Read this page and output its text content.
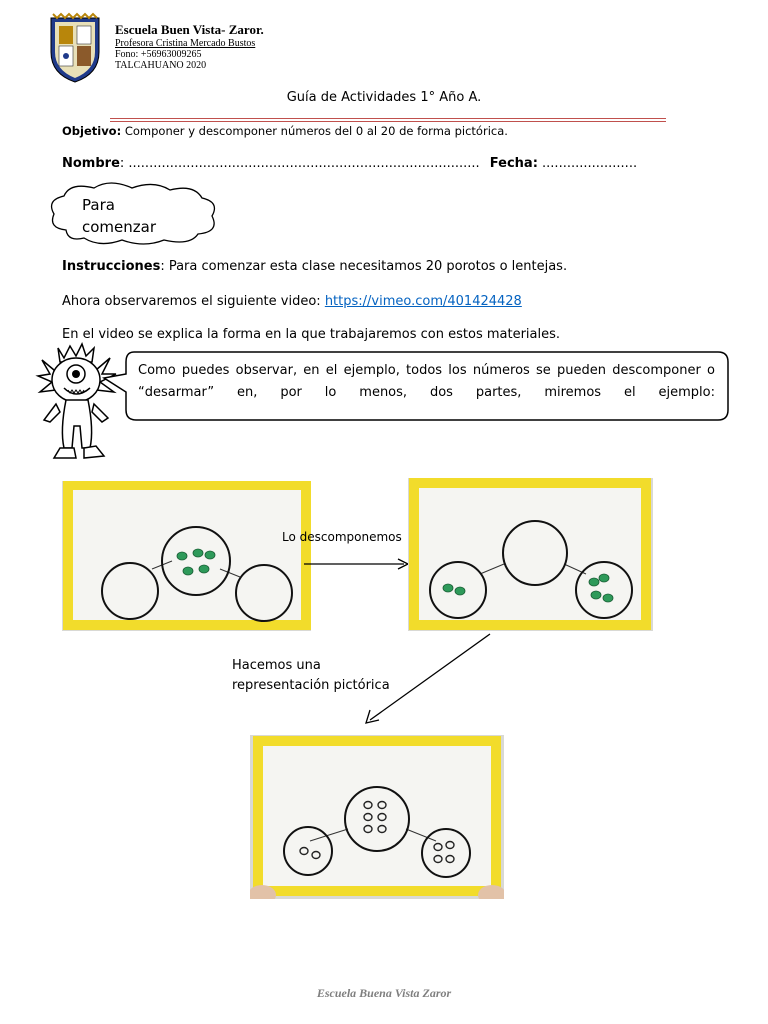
Escuela Buen Vista- Zaror.
Profesora Cristina Mercado Bustos
Fono: +56963009265
TALCAHUANO 2020
Guía de Actividades 1° Año A.
Objetivo: Componer y descomponer números del 0 al 20 de forma pictórica.
Nombre: ..................................................................................... Fecha: .......................
Para comenzar
Instrucciones: Para comenzar esta clase necesitamos 20 porotos o lentejas.
Ahora observaremos el siguiente video: https://vimeo.com/401424428
En el video se explica la forma en la que trabajaremos con estos materiales.
Como puedes observar, en el ejemplo, todos los números se pueden descomponer o “desarmar” en, por lo menos, dos partes, miremos el ejemplo:
Lo descomponemos
Hacemos una
representación pictórica
Escuela Buena Vista Zaror
